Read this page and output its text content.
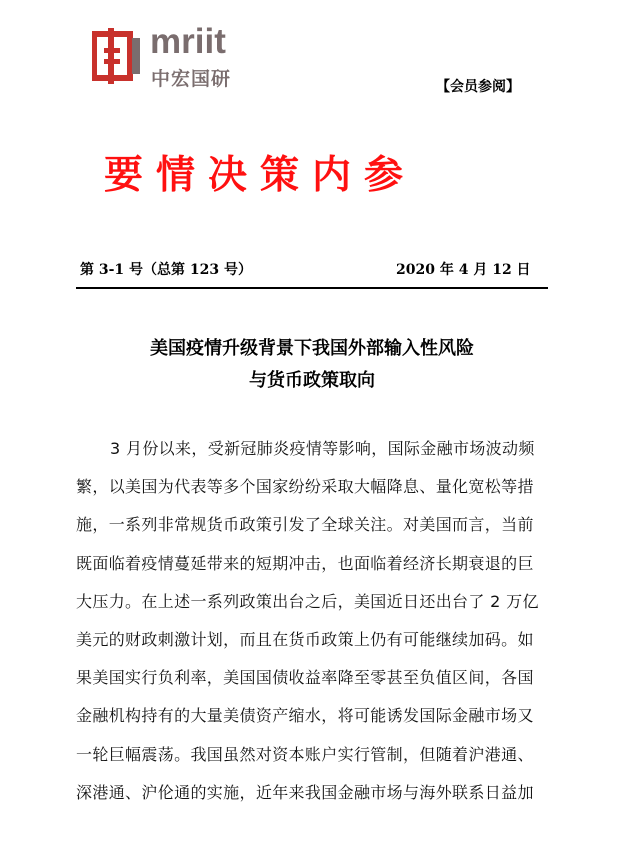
mriit
中宏国研	【会员参阅】
要情决策内参
第 3-1 号（总第 123 号）	2020 年 4 月 12 日
美国疫情升级背景下我国外部输入性风险
与货币政策取向
3 月份以来，受新冠肺炎疫情等影响，国际金融市场波动频
繁，以美国为代表等多个国家纷纷采取大幅降息、量化宽松等措
施，一系列非常规货币政策引发了全球关注。对美国而言，当前
既面临着疫情蔓延带来的短期冲击，也面临着经济长期衰退的巨
大压力。在上述一系列政策出台之后，美国近日还出台了 2 万亿
美元的财政刺激计划，而且在货币政策上仍有可能继续加码。如
果美国实行负利率，美国国债收益率降至零甚至负值区间，各国
金融机构持有的大量美债资产缩水，将可能诱发国际金融市场又
一轮巨幅震荡。我国虽然对资本账户实行管制，但随着沪港通、
深港通、沪伦通的实施，近年来我国金融市场与海外联系日益加
